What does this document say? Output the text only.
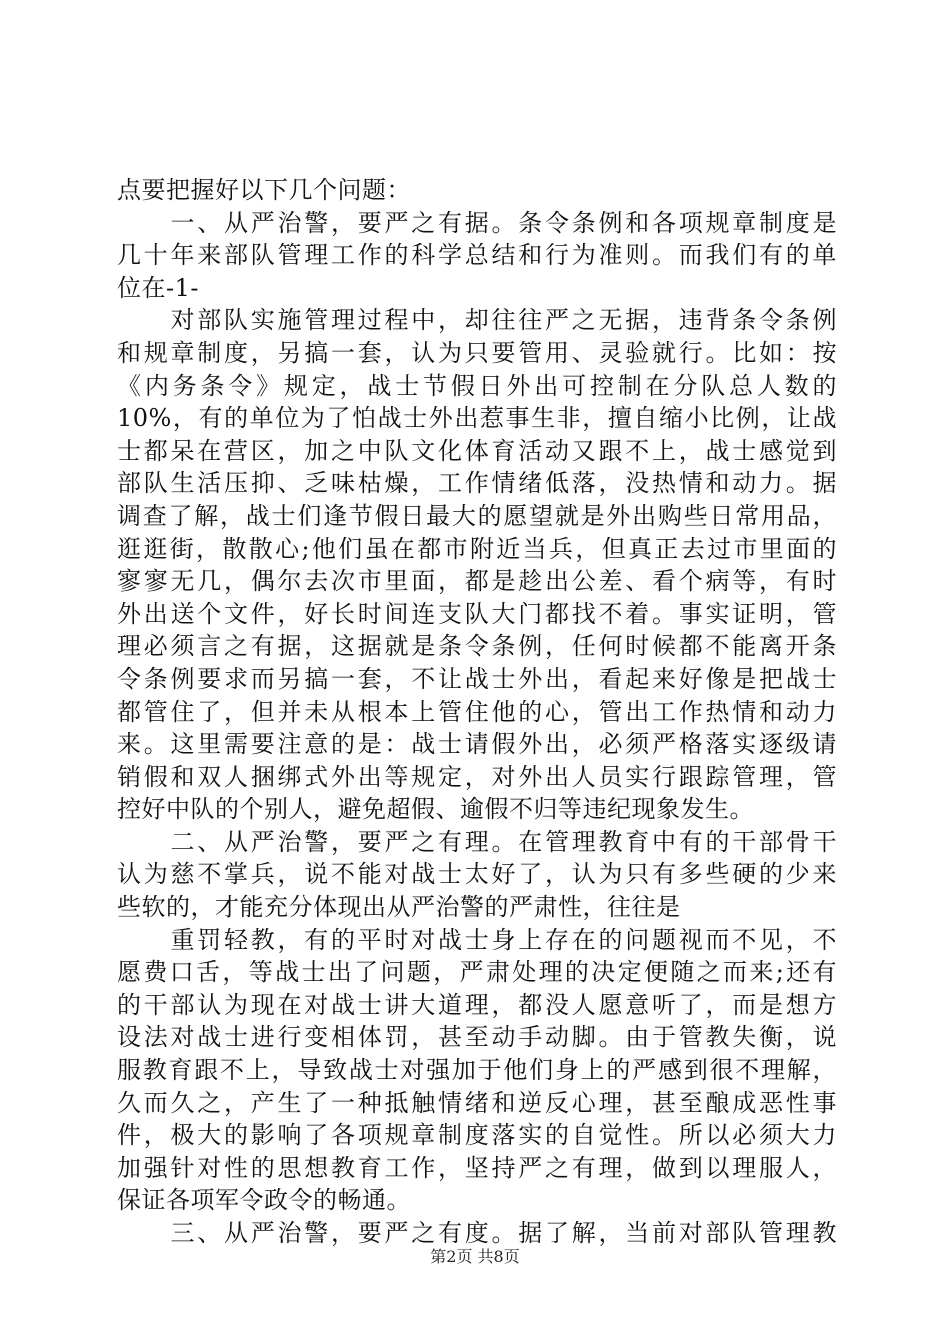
点要把握好以下几个问题：
　　一、从严治警，要严之有据。条令条例和各项规章制度是
几十年来部队管理工作的科学总结和行为准则。而我们有的单
位在-1-
　　对部队实施管理过程中，却往往严之无据，违背条令条例
和规章制度，另搞一套，认为只要管用、灵验就行。比如：按
《内务条令》规定，战士节假日外出可控制在分队总人数的
10%，有的单位为了怕战士外出惹事生非，擅自缩小比例，让战
士都呆在营区，加之中队文化体育活动又跟不上，战士感觉到
部队生活压抑、乏味枯燥，工作情绪低落，没热情和动力。据
调查了解，战士们逢节假日最大的愿望就是外出购些日常用品，
逛逛街，散散心;他们虽在都市附近当兵，但真正去过市里面的
寥寥无几，偶尔去次市里面，都是趁出公差、看个病等，有时
外出送个文件，好长时间连支队大门都找不着。事实证明，管
理必须言之有据，这据就是条令条例，任何时候都不能离开条
令条例要求而另搞一套，不让战士外出，看起来好像是把战士
都管住了，但并未从根本上管住他的心，管出工作热情和动力
来。这里需要注意的是：战士请假外出，必须严格落实逐级请
销假和双人捆绑式外出等规定，对外出人员实行跟踪管理，管
控好中队的个别人，避免超假、逾假不归等违纪现象发生。
　　二、从严治警，要严之有理。在管理教育中有的干部骨干
认为慈不掌兵，说不能对战士太好了，认为只有多些硬的少来
些软的，才能充分体现出从严治警的严肃性，往往是
　　重罚轻教，有的平时对战士身上存在的问题视而不见，不
愿费口舌，等战士出了问题，严肃处理的决定便随之而来;还有
的干部认为现在对战士讲大道理，都没人愿意听了，而是想方
设法对战士进行变相体罚，甚至动手动脚。由于管教失衡，说
服教育跟不上，导致战士对强加于他们身上的严感到很不理解，
久而久之，产生了一种抵触情绪和逆反心理，甚至酿成恶性事
件，极大的影响了各项规章制度落实的自觉性。所以必须大力
加强针对性的思想教育工作，坚持严之有理，做到以理服人，
保证各项军令政令的畅通。
　　三、从严治警，要严之有度。据了解，当前对部队管理教
第2页 共8页
